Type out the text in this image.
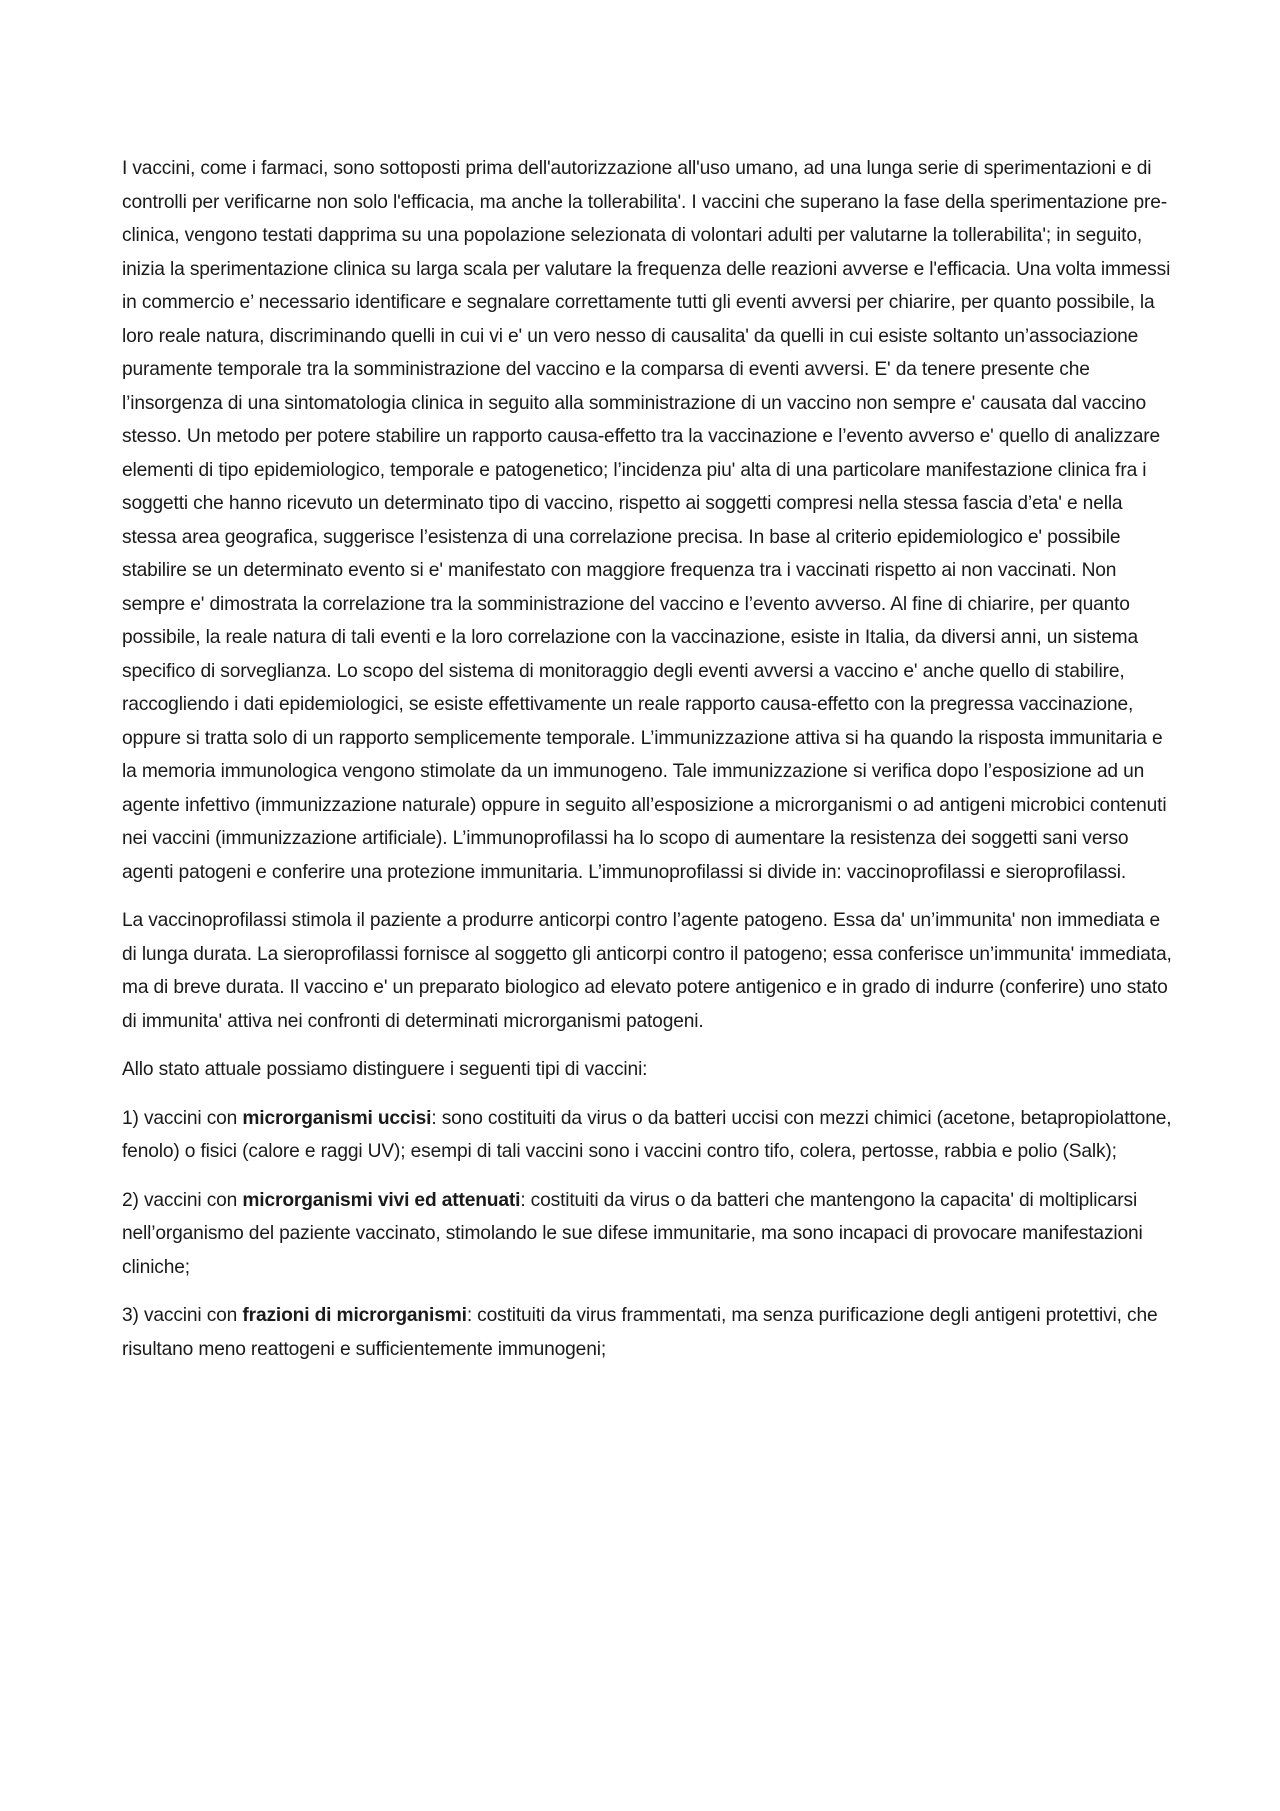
I vaccini, come i farmaci, sono sottoposti prima dell'autorizzazione all'uso umano, ad una lunga serie di sperimentazioni e di controlli per verificarne non solo l'efficacia, ma anche la tollerabilita'. I vaccini che superano la fase della sperimentazione pre-clinica, vengono testati dapprima su una popolazione selezionata di volontari adulti per valutarne la tollerabilita'; in seguito, inizia la sperimentazione clinica su larga scala per valutare la frequenza delle reazioni avverse e l'efficacia. Una volta immessi in commercio e’ necessario identificare e segnalare correttamente tutti gli eventi avversi per chiarire, per quanto possibile, la loro reale natura, discriminando quelli in cui vi e' un vero nesso di causalita' da quelli in cui esiste soltanto un’associazione puramente temporale tra la somministrazione del vaccino e la comparsa di eventi avversi. E' da tenere presente che l’insorgenza di una sintomatologia clinica in seguito alla somministrazione di un vaccino non sempre e' causata dal vaccino stesso. Un metodo per potere stabilire un rapporto causa-effetto tra la vaccinazione e l’evento avverso e' quello di analizzare elementi di tipo epidemiologico, temporale e patogenetico; l’incidenza piu' alta di una particolare manifestazione clinica fra i soggetti che hanno ricevuto un determinato tipo di vaccino, rispetto ai soggetti compresi nella stessa fascia d’eta' e nella stessa area geografica, suggerisce l’esistenza di una correlazione precisa. In base al criterio epidemiologico e' possibile stabilire se un determinato evento si e' manifestato con maggiore frequenza tra i vaccinati rispetto ai non vaccinati. Non sempre e' dimostrata la correlazione tra la somministrazione del vaccino e l’evento avverso. Al fine di chiarire, per quanto possibile, la reale natura di tali eventi e la loro correlazione con la vaccinazione, esiste in Italia, da diversi anni, un sistema specifico di sorveglianza. Lo scopo del sistema di monitoraggio degli eventi avversi a vaccino e' anche quello di stabilire, raccogliendo i dati epidemiologici, se esiste effettivamente un reale rapporto causa-effetto con la pregressa vaccinazione, oppure si tratta solo di un rapporto semplicemente temporale. L’immunizzazione attiva si ha quando la risposta immunitaria e la memoria immunologica vengono stimolate da un immunogeno. Tale immunizzazione si verifica dopo l’esposizione ad un agente infettivo (immunizzazione naturale) oppure in seguito all’esposizione a microrganismi o ad antigeni microbici contenuti nei vaccini (immunizzazione artificiale). L’immunoprofilassi ha lo scopo di aumentare la resistenza dei soggetti sani verso agenti patogeni e conferire una protezione immunitaria. L’immunoprofilassi si divide in: vaccinoprofilassi e sieroprofilassi.

La vaccinoprofilassi stimola il paziente a produrre anticorpi contro l’agente patogeno. Essa da' un’immunita' non immediata e di lunga durata. La sieroprofilassi fornisce al soggetto gli anticorpi contro il patogeno; essa conferisce un’immunita' immediata, ma di breve durata. Il vaccino e' un preparato biologico ad elevato potere antigenico e in grado di indurre (conferire) uno stato di immunita' attiva nei confronti di determinati microrganismi patogeni.

Allo stato attuale possiamo distinguere i seguenti tipi di vaccini:

1) vaccini con microrganismi uccisi: sono costituiti da virus o da batteri uccisi con mezzi chimici (acetone, betapropiolattone, fenolo) o fisici (calore e raggi UV); esempi di tali vaccini sono i vaccini contro tifo, colera, pertosse, rabbia e polio (Salk);

2) vaccini con microrganismi vivi ed attenuati: costituiti da virus o da batteri che mantengono la capacita' di moltiplicarsi nell’organismo del paziente vaccinato, stimolando le sue difese immunitarie, ma sono incapaci di provocare manifestazioni cliniche;

3) vaccini con frazioni di microrganismi: costituiti da virus frammentati, ma senza purificazione degli antigeni protettivi, che risultano meno reattogeni e sufficientemente immunogeni;
